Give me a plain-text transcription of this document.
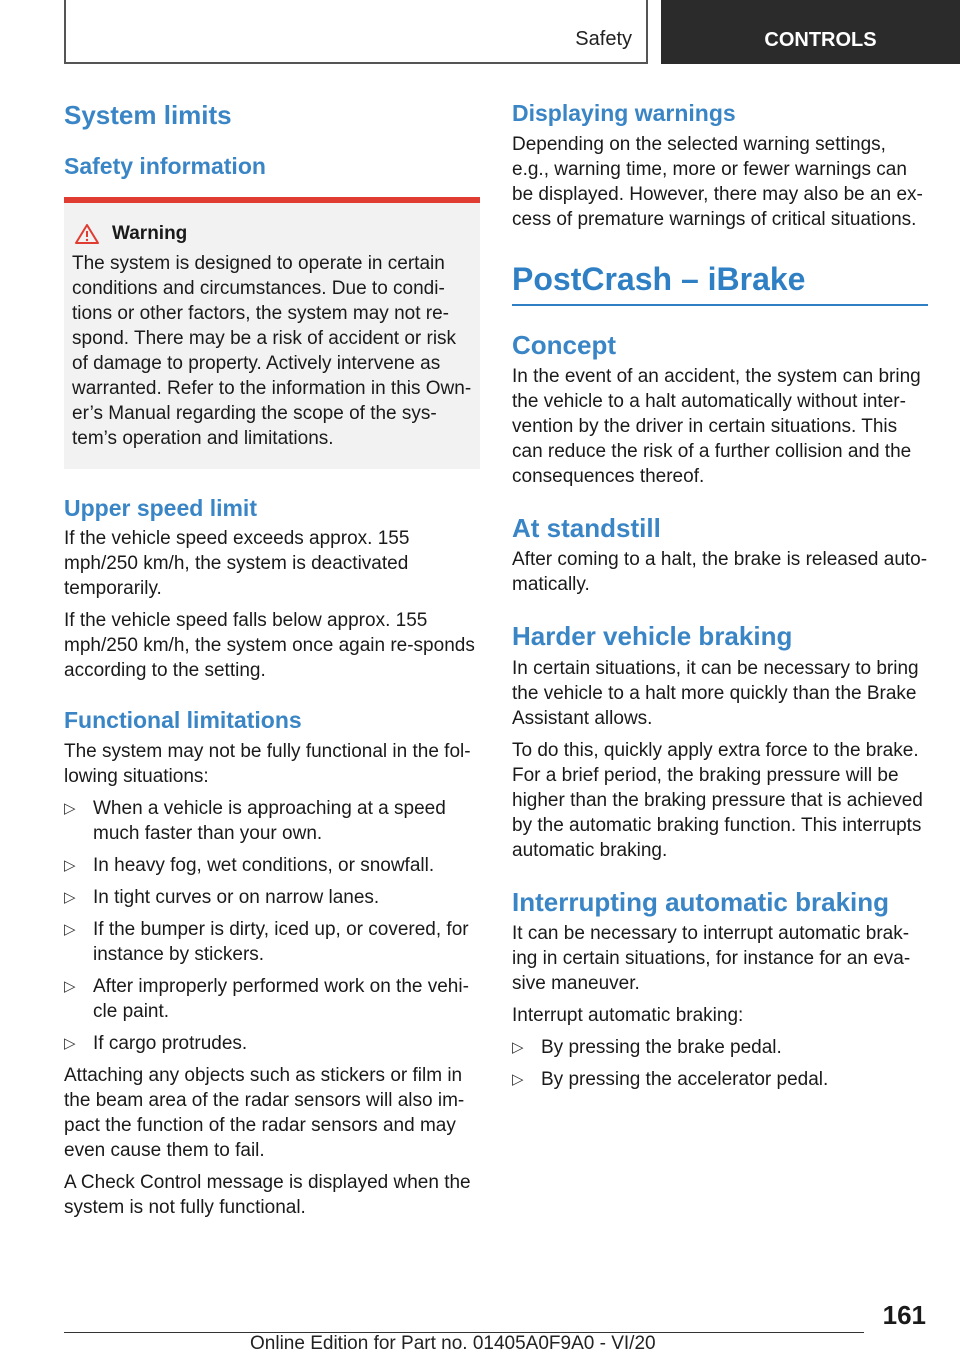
Safety	CONTROLS
System limits
Safety information
Warning

The system is designed to operate in certain conditions and circumstances. Due to condi-tions or other factors, the system may not re-spond. There may be a risk of accident or risk of damage to property. Actively intervene as warranted. Refer to the information in this Own-er’s Manual regarding the scope of the sys-tem’s operation and limitations.

Upper speed limit

If the vehicle speed exceeds approx. 155 mph/250 km/h, the system is deactivated temporarily.

If the vehicle speed falls below approx. 155 mph/250 km/h, the system once again re-sponds according to the setting.

Functional limitations

The system may not be fully functional in the fol-lowing situations:

▷ When a vehicle is approaching at a speed much faster than your own.
▷ In heavy fog, wet conditions, or snowfall.
▷ In tight curves or on narrow lanes.
▷ If the bumper is dirty, iced up, or covered, for instance by stickers.
▷ After improperly performed work on the vehi-cle paint.
▷ If cargo protrudes.

Attaching any objects such as stickers or film in the beam area of the radar sensors will also im-pact the function of the radar sensors and may even cause them to fail.

A Check Control message is displayed when the system is not fully functional.

Displaying warnings

Depending on the selected warning settings, e.g., warning time, more or fewer warnings can be displayed. However, there may also be an ex-cess of premature warnings of critical situations.

PostCrash – iBrake
Concept

In the event of an accident, the system can bring the vehicle to a halt automatically without inter-vention by the driver in certain situations. This can reduce the risk of a further collision and the consequences thereof.

At standstill

After coming to a halt, the brake is released auto-matically.

Harder vehicle braking

In certain situations, it can be necessary to bring the vehicle to a halt more quickly than the Brake Assistant allows.

To do this, quickly apply extra force to the brake. For a brief period, the braking pressure will be higher than the braking pressure that is achieved by the automatic braking function. This interrupts automatic braking.

Interrupting automatic braking

It can be necessary to interrupt automatic brak-ing in certain situations, for instance for an eva-sive maneuver.

Interrupt automatic braking:

▷ By pressing the brake pedal.
▷ By pressing the accelerator pedal.
161
Online Edition for Part no. 01405A0F9A0 - VI/20
